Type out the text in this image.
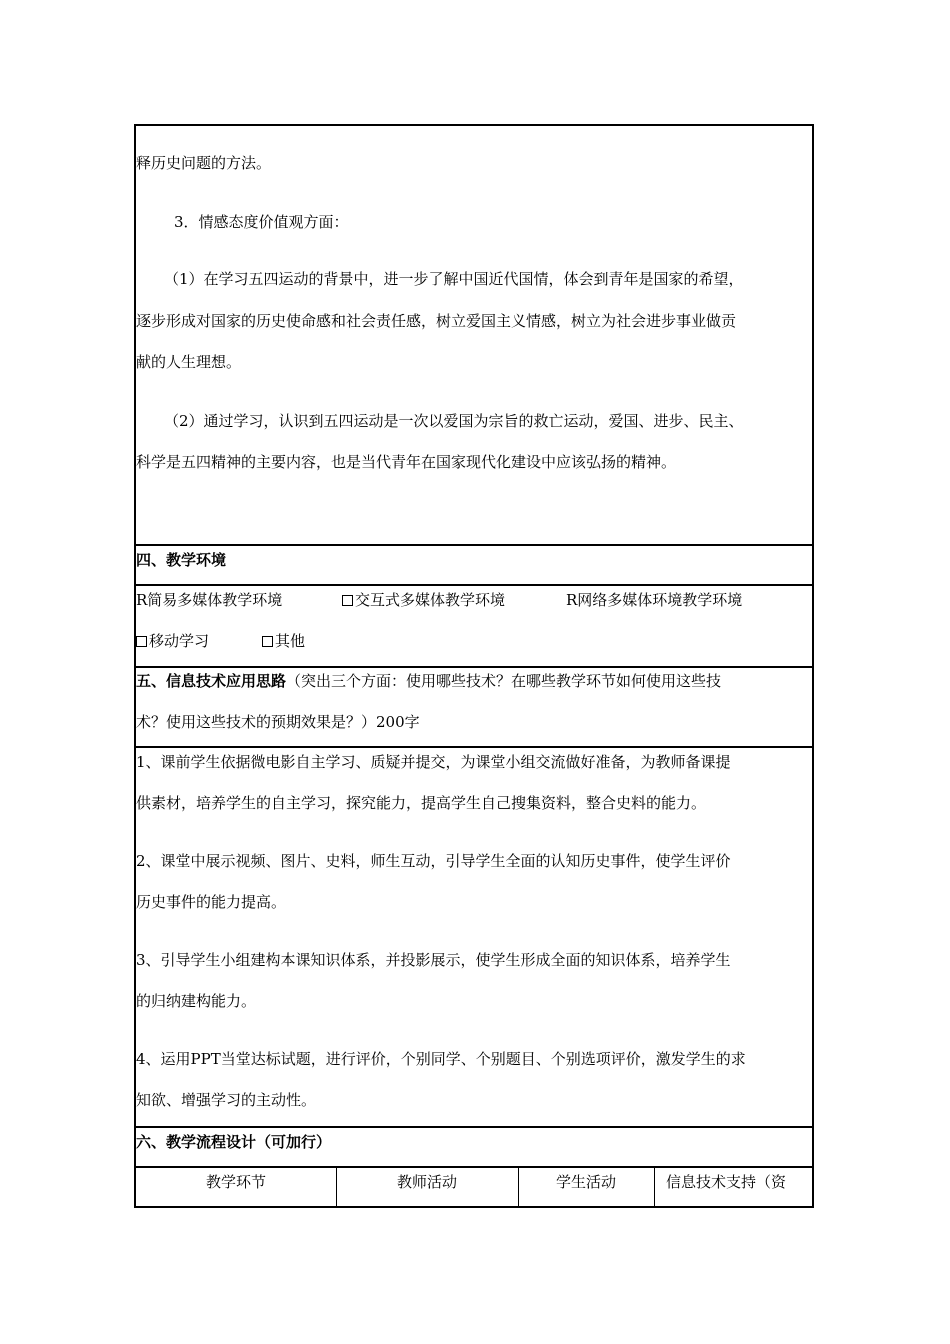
释历史问题的方法。
3．情感态度价值观方面：
（1）在学习五四运动的背景中，进一步了解中国近代国情，体会到青年是国家的希望，
逐步形成对国家的历史使命感和社会责任感，树立爱国主义情感，树立为社会进步事业做贡
献的人生理想。
（2）通过学习，认识到五四运动是一次以爱国为宗旨的救亡运动，爱国、进步、民主、
科学是五四精神的主要内容，也是当代青年在国家现代化建设中应该弘扬的精神。
四、教学环境
R简易多媒体教学环境	交互式多媒体教学环境	R网络多媒体环境教学环境
移动学习	其他
五、信息技术应用思路（突出三个方面：使用哪些技术？在哪些教学环节如何使用这些技
术？使用这些技术的预期效果是？）200字
1、课前学生依据微电影自主学习、质疑并提交，为课堂小组交流做好准备，为教师备课提
供素材，培养学生的自主学习，探究能力，提高学生自己搜集资料，整合史料的能力。
2、课堂中展示视频、图片、史料，师生互动，引导学生全面的认知历史事件，使学生评价
历史事件的能力提高。
3、引导学生小组建构本课知识体系，并投影展示，使学生形成全面的知识体系，培养学生
的归纳建构能力。
4、运用PPT当堂达标试题，进行评价，个别同学、个别题目、个别选项评价，激发学生的求
知欲、增强学习的主动性。
六、教学流程设计（可加行）
教学环节	教师活动	学生活动	信息技术支持（资
